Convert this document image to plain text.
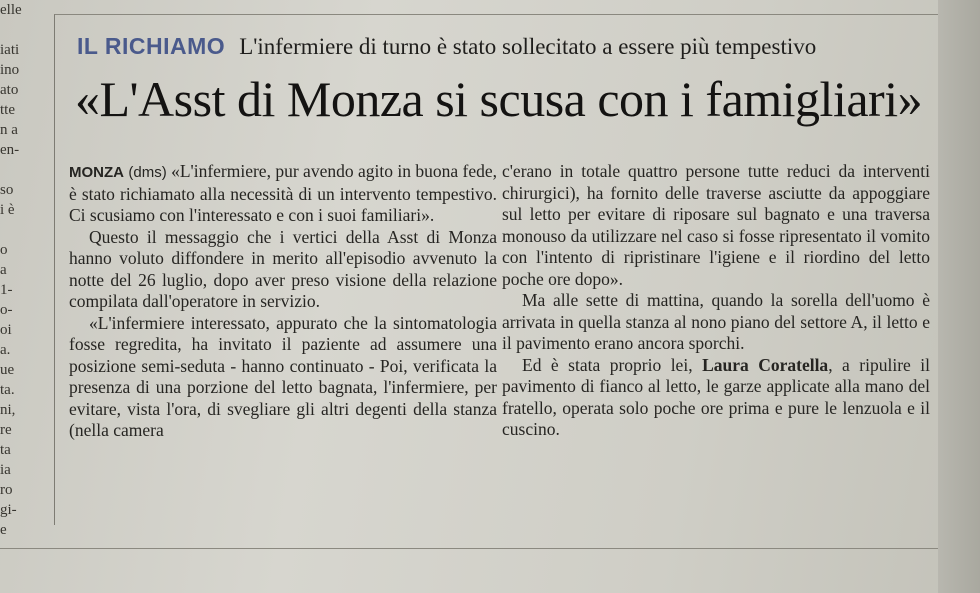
elle

iati
ino
ato
tte
n a
en-

so
i è

o
a
1-
o-
oi
a.
ue
ta.
ni,
re
ta
ia
ro
gi-
e
IL RICHIAMO L'infermiere di turno è stato sollecitato a essere più tempestivo
«L'Asst di Monza si scusa con i famigliari»

MONZA (dms) «L'infermiere, pur avendo agito in buona fede, è stato richiamato alla necessità di un intervento tempestivo. Ci scusiamo con l'interessato e con i suoi familiari».

Questo il messaggio che i vertici della Asst di Monza hanno voluto diffondere in merito all'episodio avvenuto la notte del 26 luglio, dopo aver preso visione della relazione compilata dall'operatore in servizio.

«L'infermiere interessato, appurato che la sintomatologia fosse regredita, ha invitato il paziente ad assumere una posizione semi-seduta - hanno continuato - Poi, verificata la presenza di una porzione del letto bagnata, l'infermiere, per evitare, vista l'ora, di svegliare gli altri degenti della stanza (nella camera

c'erano in totale quattro persone tutte reduci da interventi chirurgici), ha fornito delle traverse asciutte da appoggiare sul letto per evitare di riposare sul bagnato e una traversa monouso da utilizzare nel caso si fosse ripresentato il vomito con l'intento di ripristinare l'igiene e il riordino del letto poche ore dopo».

Ma alle sette di mattina, quando la sorella dell'uomo è arrivata in quella stanza al nono piano del settore A, il letto e il pavimento erano ancora sporchi.

Ed è stata proprio lei, Laura Coratella, a ripulire il pavimento di fianco al letto, le garze applicate alla mano del fratello, operata solo poche ore prima e pure le lenzuola e il cuscino.
